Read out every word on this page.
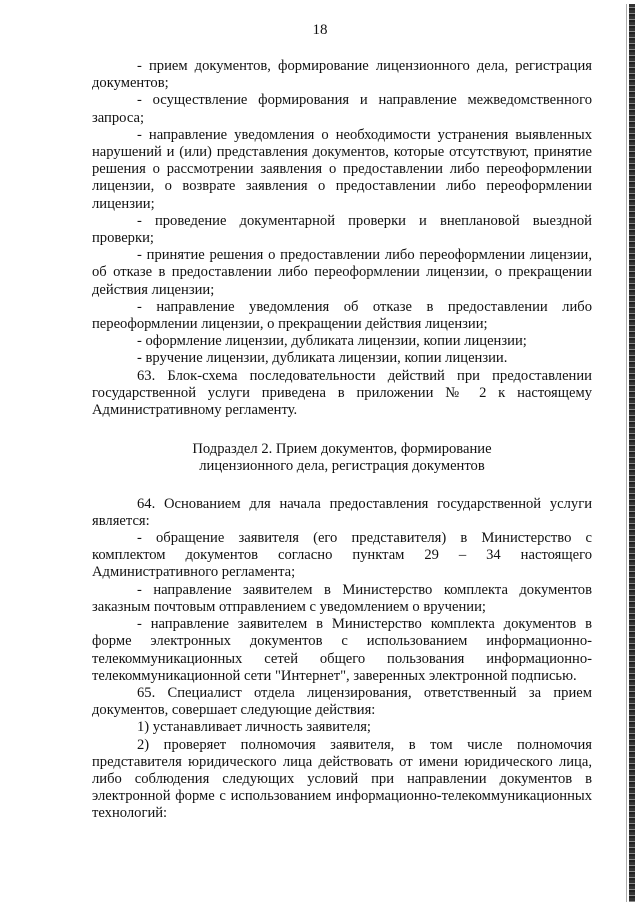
18

- прием документов, формирование лицензионного дела, регистрация документов;

- осуществление формирования и направление межведомственного запроса;

- направление уведомления о необходимости устранения выявленных нарушений и (или) представления документов, которые отсутствуют, принятие решения о рассмотрении заявления о предоставлении либо переоформлении лицензии, о возврате заявления о предоставлении либо переоформлении лицензии;

- проведение документарной проверки и внеплановой выездной проверки;

- принятие решения о предоставлении либо переоформлении лицензии, об отказе в предоставлении либо переоформлении лицензии, о прекращении действия лицензии;

- направление уведомления об отказе в предоставлении либо переоформлении лицензии, о прекращении действия лицензии;

- оформление лицензии, дубликата лицензии, копии лицензии;

- вручение лицензии, дубликата лицензии, копии лицензии.

63. Блок-схема последовательности действий при предоставлении государственной услуги приведена в приложении № 2 к настоящему Административному регламенту.

Подраздел 2. Прием документов, формирование

лицензионного дела, регистрация документов

64. Основанием для начала предоставления государственной услуги является:

- обращение заявителя (его представителя) в Министерство с комплектом документов согласно пунктам 29 – 34 настоящего Административного регламента;

- направление заявителем в Министерство комплекта документов заказным почтовым отправлением с уведомлением о вручении;

- направление заявителем в Министерство комплекта документов в форме электронных документов с использованием информационно-телекоммуникационных сетей общего пользования информационно-телекоммуникационной сети "Интернет", заверенных электронной подписью.

65. Специалист отдела лицензирования, ответственный за прием документов, совершает следующие действия:

1) устанавливает личность заявителя;

2) проверяет полномочия заявителя, в том числе полномочия представителя юридического лица действовать от имени юридического лица, либо соблюдения следующих условий при направлении документов в электронной форме с использованием информационно-телекоммуникационных технологий:
